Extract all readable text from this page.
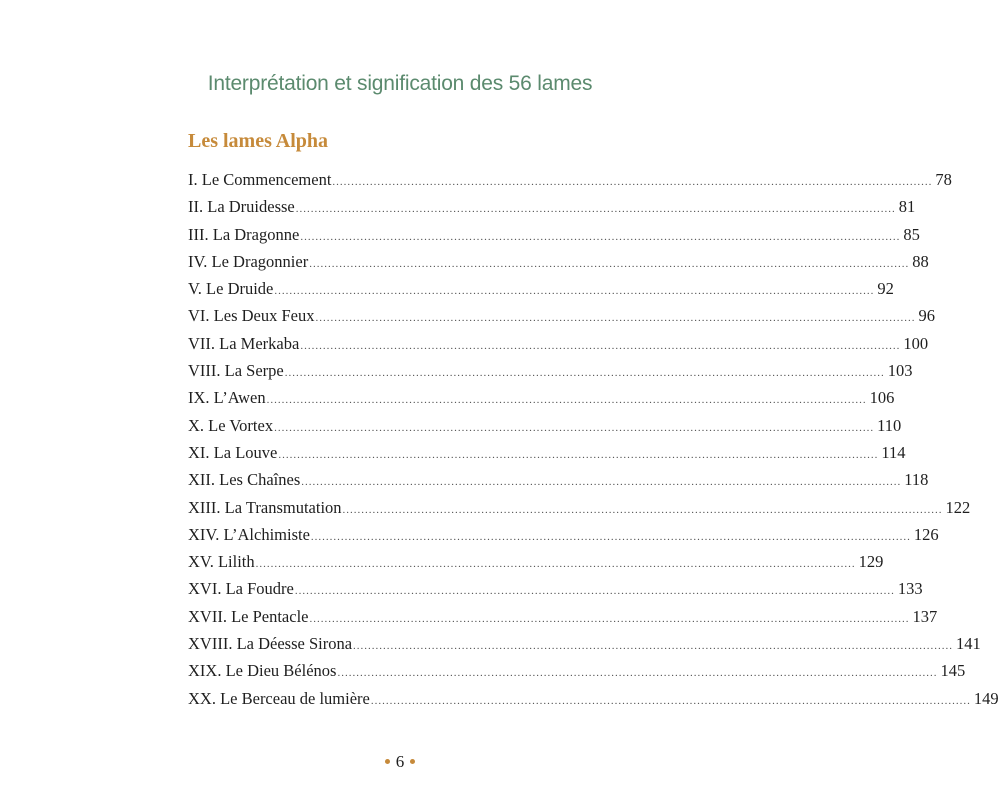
Interprétation et signification des 56 lames
Les lames Alpha
I. Le Commencement ................................................................................................................................................................ 78
II. La Druidesse ................................................................................................................................................................ 81
III. La Dragonne ................................................................................................................................................................ 85
IV. Le Dragonnier ................................................................................................................................................................ 88
V. Le Druide ................................................................................................................................................................ 92
VI. Les Deux Feux ................................................................................................................................................................ 96
VII. La Merkaba ................................................................................................................................................................ 100
VIII. La Serpe ................................................................................................................................................................ 103
IX. L’Awen ................................................................................................................................................................ 106
X. Le Vortex ................................................................................................................................................................ 110
XI. La Louve ................................................................................................................................................................ 114
XII. Les Chaînes ................................................................................................................................................................ 118
XIII. La Transmutation ................................................................................................................................................................ 122
XIV. L’Alchimiste ................................................................................................................................................................ 126
XV. Lilith ................................................................................................................................................................ 129
XVI. La Foudre ................................................................................................................................................................ 133
XVII. Le Pentacle ................................................................................................................................................................ 137
XVIII. La Déesse Sirona ................................................................................................................................................................ 141
XIX. Le Dieu Bélénos ................................................................................................................................................................ 145
XX. Le Berceau de lumière ................................................................................................................................................................ 149
6
